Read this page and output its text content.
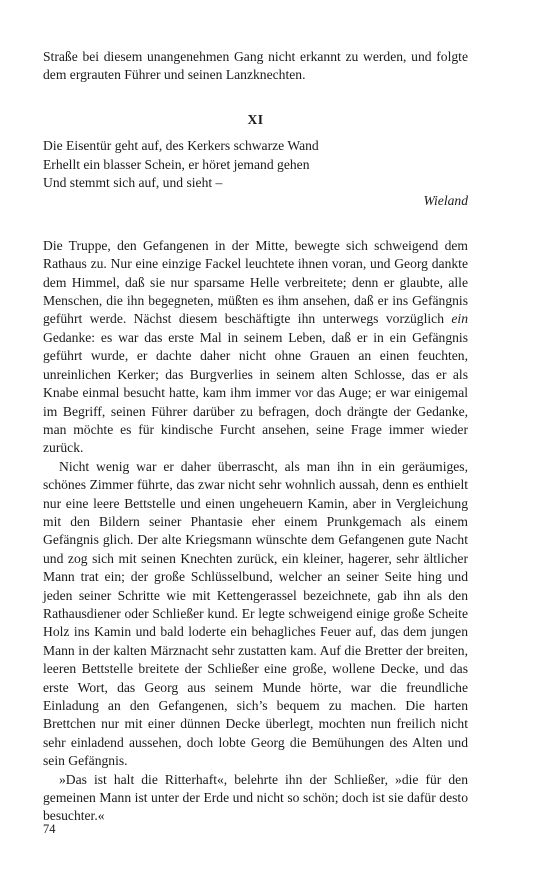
Straße bei diesem unangenehmen Gang nicht erkannt zu werden, und folgte dem ergrauten Führer und seinen Lanzknechten.

XI
Die Eisentür geht auf, des Kerkers schwarze Wand
Erhellt ein blasser Schein, er höret jemand gehen
Und stemmt sich auf, und sieht –
Wieland

Die Truppe, den Gefangenen in der Mitte, bewegte sich schweigend dem Rathaus zu. Nur eine einzige Fackel leuchtete ihnen voran, und Georg dankte dem Himmel, daß sie nur sparsame Helle verbreitete; denn er glaubte, alle Menschen, die ihn begegneten, müßten es ihm ansehen, daß er ins Gefängnis geführt werde. Nächst diesem beschäftigte ihn unterwegs vorzüglich ein Gedanke: es war das erste Mal in seinem Leben, daß er in ein Gefängnis geführt wurde, er dachte daher nicht ohne Grauen an einen feuchten, unreinlichen Kerker; das Burgverlies in seinem alten Schlosse, das er als Knabe einmal besucht hatte, kam ihm immer vor das Auge; er war einigemal im Begriff, seinen Führer darüber zu befragen, doch drängte der Gedanke, man möchte es für kindische Furcht ansehen, seine Frage immer wieder zurück.

Nicht wenig war er daher überrascht, als man ihn in ein geräumiges, schönes Zimmer führte, das zwar nicht sehr wohnlich aussah, denn es enthielt nur eine leere Bettstelle und einen ungeheuern Kamin, aber in Vergleichung mit den Bildern seiner Phantasie eher einem Prunkgemach als einem Gefängnis glich. Der alte Kriegsmann wünschte dem Gefangenen gute Nacht und zog sich mit seinen Knechten zurück, ein kleiner, hagerer, sehr ältlicher Mann trat ein; der große Schlüsselbund, welcher an seiner Seite hing und jeden seiner Schritte wie mit Kettengerassel bezeichnete, gab ihn als den Rathausdiener oder Schließer kund. Er legte schweigend einige große Scheite Holz ins Kamin und bald loderte ein behagliches Feuer auf, das dem jungen Mann in der kalten Märznacht sehr zustatten kam. Auf die Bretter der breiten, leeren Bettstelle breitete der Schließer eine große, wollene Decke, und das erste Wort, das Georg aus seinem Munde hörte, war die freundliche Einladung an den Gefangenen, sich’s bequem zu machen. Die harten Brettchen nur mit einer dünnen Decke überlegt, mochten nun freilich nicht sehr einladend aussehen, doch lobte Georg die Bemühungen des Alten und sein Gefängnis.

»Das ist halt die Ritterhaft«, belehrte ihn der Schließer, »die für den gemeinen Mann ist unter der Erde und nicht so schön; doch ist sie dafür desto besuchter.«

74
